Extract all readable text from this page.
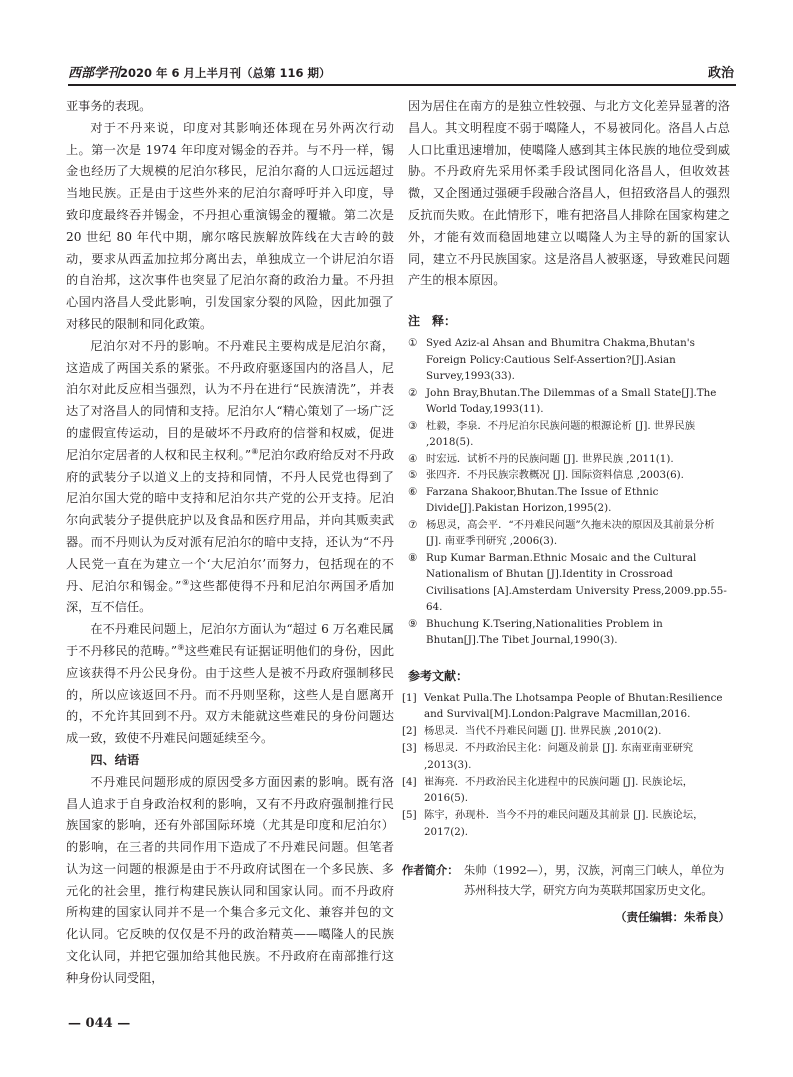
西部学刊2020 年 6 月上半月刊（总第 116 期）	政治

亚事务的表现。

对于不丹来说，印度对其影响还体现在另外两次行动上。第一次是 1974 年印度对锡金的吞并。与不丹一样，锡金也经历了大规模的尼泊尔移民，尼泊尔裔的人口远远超过当地民族。正是由于这些外来的尼泊尔裔呼吁并入印度，导致印度最终吞并锡金，不丹担心重演锡金的覆辙。第二次是 20 世纪 80 年代中期，廓尔喀民族解放阵线在大吉岭的鼓动，要求从西孟加拉邦分离出去，单独成立一个讲尼泊尔语的自治邦，这次事件也突显了尼泊尔裔的政治力量。不丹担心国内洛昌人受此影响，引发国家分裂的风险，因此加强了对移民的限制和同化政策。

尼泊尔对不丹的影响。不丹难民主要构成是尼泊尔裔，这造成了两国关系的紧张。不丹政府驱逐国内的洛昌人，尼泊尔对此反应相当强烈，认为不丹在进行“民族清洗”，并表达了对洛昌人的同情和支持。尼泊尔人“精心策划了一场广泛的虚假宣传运动，目的是破坏不丹政府的信誉和权威，促进尼泊尔定居者的人权和民主权利。”⑧尼泊尔政府给反对不丹政府的武装分子以道义上的支持和同情，不丹人民党也得到了尼泊尔国大党的暗中支持和尼泊尔共产党的公开支持。尼泊尔向武装分子提供庇护以及食品和医疗用品，并向其贩卖武器。而不丹则认为反对派有尼泊尔的暗中支持，还认为“不丹人民党一直在为建立一个‘大尼泊尔’而努力，包括现在的不丹、尼泊尔和锡金。”⑨这些都使得不丹和尼泊尔两国矛盾加深，互不信任。

在不丹难民问题上，尼泊尔方面认为“超过 6 万名难民属于不丹移民的范畴。”⑨这些难民有证据证明他们的身份，因此应该获得不丹公民身份。由于这些人是被不丹政府强制移民的，所以应该返回不丹。而不丹则坚称，这些人是自愿离开的，不允许其回到不丹。双方未能就这些难民的身份问题达成一致，致使不丹难民问题延续至今。

四、结语

不丹难民问题形成的原因受多方面因素的影响。既有洛昌人追求于自身政治权利的影响，又有不丹政府强制推行民族国家的影响，还有外部国际环境（尤其是印度和尼泊尔）的影响，在三者的共同作用下造成了不丹难民问题。但笔者认为这一问题的根源是由于不丹政府试图在一个多民族、多元化的社会里，推行构建民族认同和国家认同。而不丹政府所构建的国家认同并不是一个集合多元文化、兼容并包的文化认同。它反映的仅仅是不丹的政治精英——噶隆人的民族文化认同，并把它强加给其他民族。不丹政府在南部推行这种身份认同受阻，

因为居住在南方的是独立性较强、与北方文化差异显著的洛昌人。其文明程度不弱于噶隆人，不易被同化。洛昌人占总人口比重迅速增加，使噶隆人感到其主体民族的地位受到威胁。不丹政府先采用怀柔手段试图同化洛昌人，但收效甚微，又企图通过强硬手段融合洛昌人，但招致洛昌人的强烈反抗而失败。在此情形下，唯有把洛昌人排除在国家构建之外，才能有效而稳固地建立以噶隆人为主导的新的国家认同，建立不丹民族国家。这是洛昌人被驱逐，导致难民问题产生的根本原因。

注　释：
① Syed Aziz-al Ahsan and Bhumitra Chakma,Bhutan's Foreign Policy:Cautious Self-Assertion?[J].Asian Survey,1993(33).
② John Bray,Bhutan.The Dilemmas of a Small State[J].The World Today,1993(11).
③ 杜毅，李泉．不丹尼泊尔民族问题的根源论析 [J]. 世界民族 ,2018(5).
④ 时宏远．试析不丹的民族问题 [J]. 世界民族 ,2011(1).
⑤ 张四齐．不丹民族宗教概况 [J]. 国际资料信息 ,2003(6).
⑥ Farzana Shakoor,Bhutan.The Issue of Ethnic Divide[J].Pakistan Horizon,1995(2).
⑦ 杨思灵，高会平．“不丹难民问题”久拖未决的原因及其前景分析 [J]. 南亚季刊研究 ,2006(3).
⑧ Rup Kumar Barman.Ethnic Mosaic and the Cultural Nationalism of Bhutan [J].Identity in Crossroad Civilisations [A].Amsterdam University Press,2009.pp.55-64.
⑨ Bhuchung K.Tsering,Nationalities Problem in Bhutan[J].The Tibet Journal,1990(3).
参考文献：
[1] Venkat Pulla.The Lhotsampa People of Bhutan:Resilience and Survival[M].London:Palgrave Macmillan,2016.
[2] 杨思灵．当代不丹难民问题 [J]. 世界民族 ,2010(2).
[3] 杨思灵．不丹政治民主化：问题及前景 [J]. 东南亚南亚研究 ,2013(3).
[4] 崔海亮．不丹政治民主化进程中的民族问题 [J]. 民族论坛，2016(5).
[5] 陈宇，孙现朴．当今不丹的难民问题及其前景 [J]. 民族论坛，2017(2).
作者简介： 朱帅（1992—），男，汉族，河南三门峡人，单位为苏州科技大学，研究方向为英联邦国家历史文化。
（责任编辑：朱希良）
— 044 —
